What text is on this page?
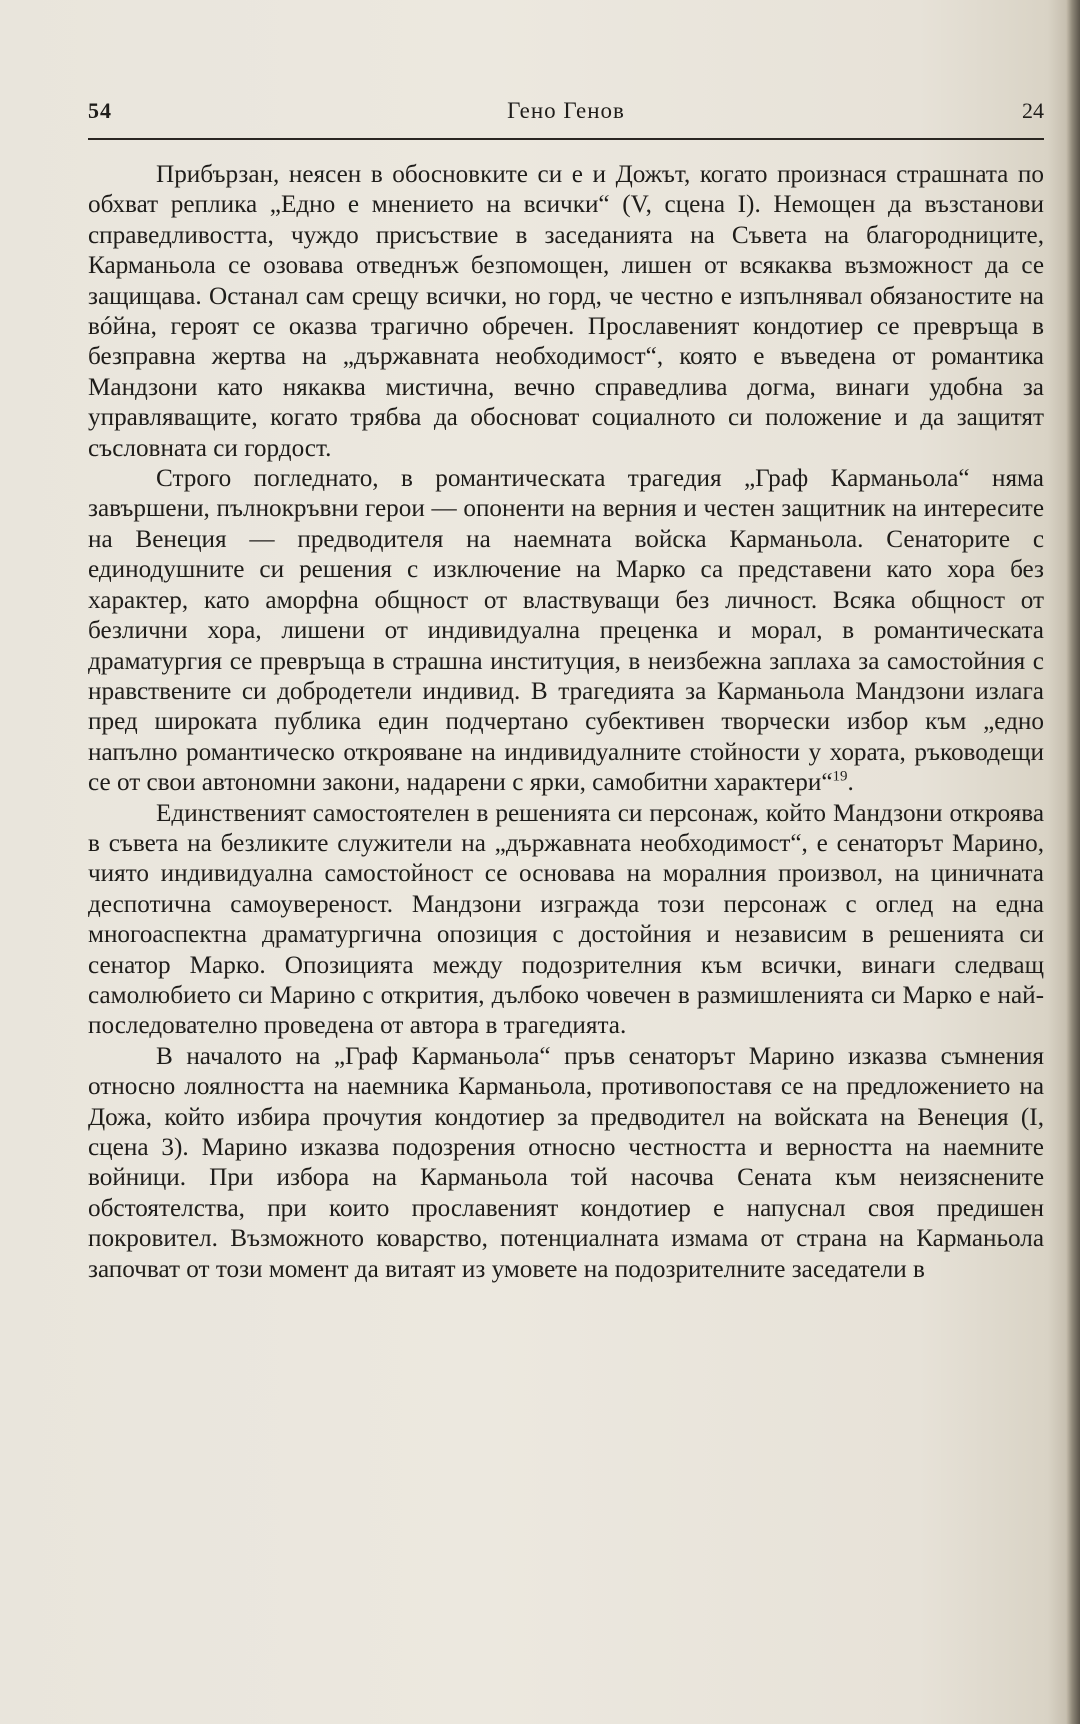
54	Гено Генов	24

Прибързан, неясен в обосновките си е и Дожът, когато произнася страшната по обхват реплика „Едно е мнението на всички“ (V, сцена I). Немощен да възстанови справедливостта, чуждо присъствие в заседанията на Съвета на благородниците, Карманьола се озовава отведнъж безпомощен, лишен от всякаква възможност да се защищава. Останал сам срещу всички, но горд, че честно е изпълнявал обязаностите на вóйна, героят се оказва трагично обречен. Прославеният кондотиер се превръща в безправна жертва на „държавната необходимост“, която е въведена от романтика Мандзони като някаква мистична, вечно справедлива догма, винаги удобна за управляващите, когато трябва да обосноват социалното си положение и да защитят съсловната си гордост.

Строго погледнато, в романтическата трагедия „Граф Карманьола“ няма завършени, пълнокръвни герои — опоненти на верния и честен защитник на интересите на Венеция — предводителя на наемната войска Карманьола. Сенаторите с единодушните си решения с изключение на Марко са представени като хора без характер, като аморфна общност от властвуващи без личност. Всяка общност от безлични хора, лишени от индивидуална преценка и морал, в романтическата драматургия се превръща в страшна институция, в неизбежна заплаха за самостойния с нравствените си добродетели индивид. В трагедията за Карманьола Мандзони излага пред широката публика един подчертано субективен творчески избор към „едно напълно романтическо открояване на индивидуалните стойности у хората, ръководещи се от свои автономни закони, надарени с ярки, самобитни характери“$^{19}$.

Единственият самостоятелен в решенията си персонаж, който Мандзони откроява в съвета на безликите служители на „държавната необходимост“, е сенаторът Марино, чиято индивидуална самостойност се основава на моралния произвол, на циничната деспотична самоувереност. Мандзони изгражда този персонаж с оглед на една многоаспектна драматургична опозиция с достойния и независим в решенията си сенатор Марко. Опозицията между подозрителния към всички, винаги следващ самолюбието си Марино с открития, дълбоко човечен в размишленията си Марко е най-последователно проведена от автора в трагедията.

В началото на „Граф Карманьола“ пръв сенаторът Марино изказва съмнения относно лоялността на наемника Карманьола, противопоставя се на предложението на Дожа, който избира прочутия кондотиер за предводител на войската на Венеция (I, сцена 3). Марино изказва подозрения относно честността и верността на наемните войници. При избора на Карманьола той насочва Сената към неизяснените обстоятелства, при които прославеният кондотиер е напуснал своя предишен покровител. Възможното коварство, потенциалната измама от страна на Карманьола започват от този момент да витаят из умовете на подозрителните заседатели в
